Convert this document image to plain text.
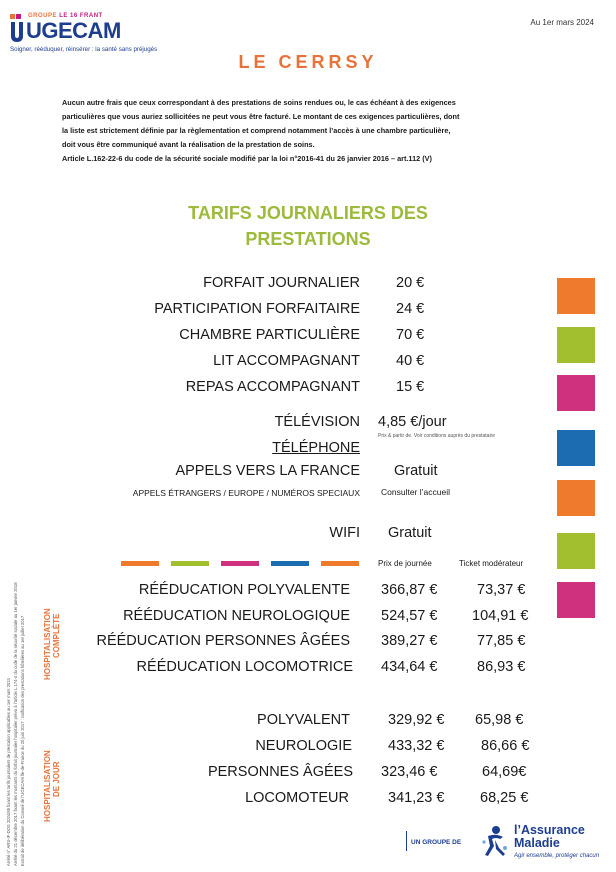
GROUPE LE 16 FRANT
UGECAM
Soigner, rééduquer, réinsérer : la santé sans préjugés
Au 1er mars 2024
LE CERRSY
Aucun autre frais que ceux correspondant à des prestations de soins rendues ou, le cas échéant à des exigences
particulières que vous auriez sollicitées ne peut vous être facturé. Le montant de ces exigences particulières, dont
la liste est strictement définie par la règlementation et comprend notamment l’accès à une chambre particulière,
doit vous être communiqué avant la réalisation de la prestation de soins.
Article L.162-22-6 du code de la sécurité sociale modifié par la loi n°2016-41 du 26 janvier 2016 – art.112 (V)
TARIFS JOURNALIERS DES
PRESTATIONS
FORFAIT JOURNALIER 20 €
PARTICIPATION FORFAITAIRE 24 €
CHAMBRE PARTICULIÈRE 70 €
LIT ACCOMPAGNANT 40 €
REPAS ACCOMPAGNANT 15 €
TÉLÉVISION 4,85 €/jour
Prix & partir de. Voir conditions auprès du prestataire
TÉLÉPHONE
APPELS VERS LA FRANCE Gratuit
APPELS ÉTRANGERS / EUROPE / NUMÉROS SPECIAUX Consulter l’accueil
WIFI Gratuit
Prix de journée	Ticket modérateur
HOSPITALISATION COMPLÈTE
HOSPITALISATION DE JOUR
RÉÉDUCATION POLYVALENTE 366,87 €	73,37 €
RÉÉDUCATION NEUROLOGIQUE 524,57 € 104,91 €
RÉÉDUCATION PERSONNES ÂGÉES 389,27 €	77,85 €
RÉÉDUCATION LOCOMOTRICE 434,64 €	86,93 €
POLYVALENT	329,92 € 65,98 €
NEUROLOGIE 433,32 €	86,66 €
PERSONNES ÂGÉES 323,46 €	64,69€
LOCOMOTEUR	341,23 € 68,25 €
Arrêté n° ARS-IF-DOS 2024/89 fixant les tarifs journaliers de prestation applicables au 1er mars 2024 Arrêté du 21 décembre 2017 fixant les montants du forfait journalier hospitalier prévu à l’article L.174-4 du code de la sécurité sociale au 1er janvier 2018 Extrait de délibération du Conseil de l’UGECAM Île-de-France du 20 juin 2017 : ratification des prestations hôtelières au 1er juillet 2017	UN GROUPE DE
l’Assurance
Maladie
Agir ensemble, protéger chacun
